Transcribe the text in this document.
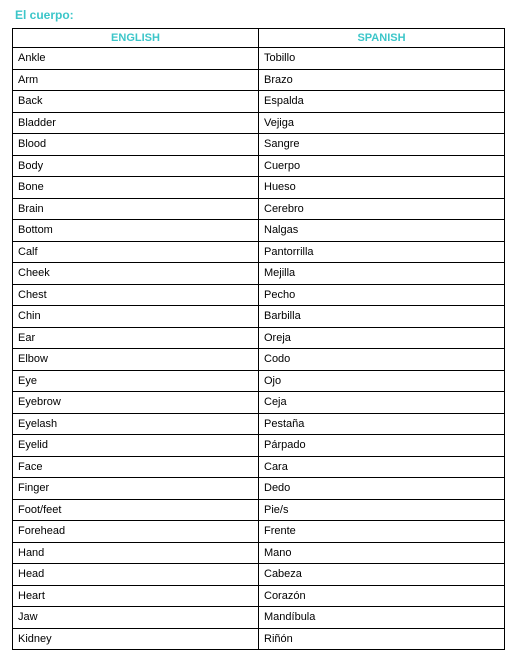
El cuerpo:
ENGLISH	SPANISH
Ankle	Tobillo
Arm	Brazo
Back	Espalda
Bladder	Vejiga
Blood	Sangre
Body	Cuerpo
Bone	Hueso
Brain	Cerebro
Bottom	Nalgas
Calf	Pantorrilla
Cheek	Mejilla
Chest	Pecho
Chin	Barbilla
Ear	Oreja
Elbow	Codo
Eye	Ojo
Eyebrow	Ceja
Eyelash	Pestaña
Eyelid	Párpado
Face	Cara
Finger	Dedo
Foot/feet	Pie/s
Forehead	Frente
Hand	Mano
Head	Cabeza
Heart	Corazón
Jaw	Mandíbula
Kidney	Riñón
